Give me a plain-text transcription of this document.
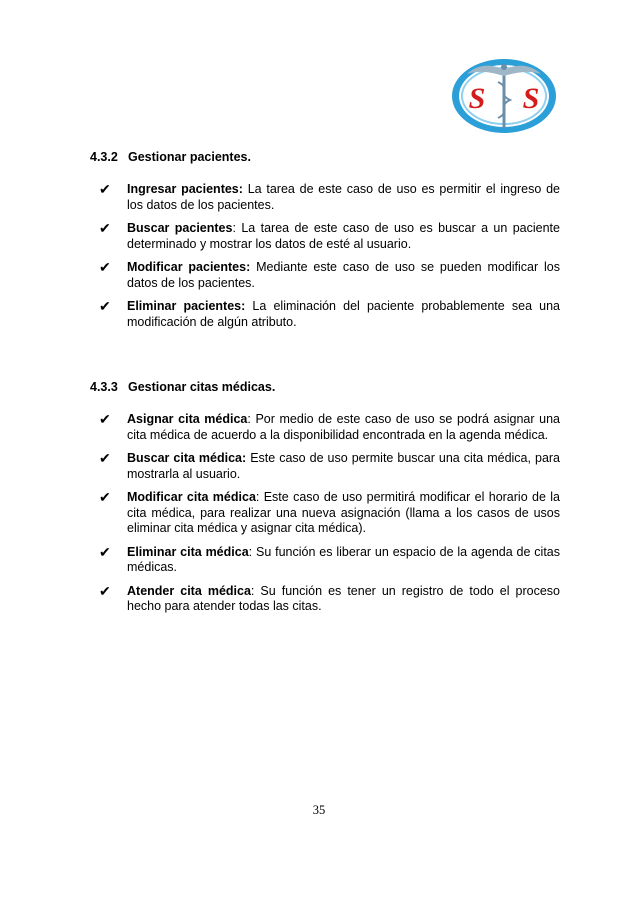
S S
4.3.2 Gestionar pacientes.
✔ Ingresar pacientes: La tarea de este caso de uso es permitir el ingreso de los datos de los pacientes.
✔ Buscar pacientes: La tarea de este caso de uso es buscar a un paciente determinado y mostrar los datos de esté al usuario.
✔ Modificar pacientes: Mediante este caso de uso se pueden modificar los datos de los pacientes.
✔ Eliminar pacientes: La eliminación del paciente probablemente sea una modificación de algún atributo.
4.3.3 Gestionar citas médicas.
✔ Asignar cita médica: Por medio de este caso de uso se podrá asignar una cita médica de acuerdo a la disponibilidad encontrada en la agenda médica.
✔ Buscar cita médica: Este caso de uso permite buscar una cita médica, para mostrarla al usuario.
✔ Modificar cita médica: Este caso de uso permitirá modificar el horario de la cita médica, para realizar una nueva asignación (llama a los casos de usos eliminar cita médica y asignar cita médica).
✔ Eliminar cita médica: Su función es liberar un espacio de la agenda de citas médicas.
✔ Atender cita médica: Su función es tener un registro de todo el proceso hecho para atender todas las citas.
35
